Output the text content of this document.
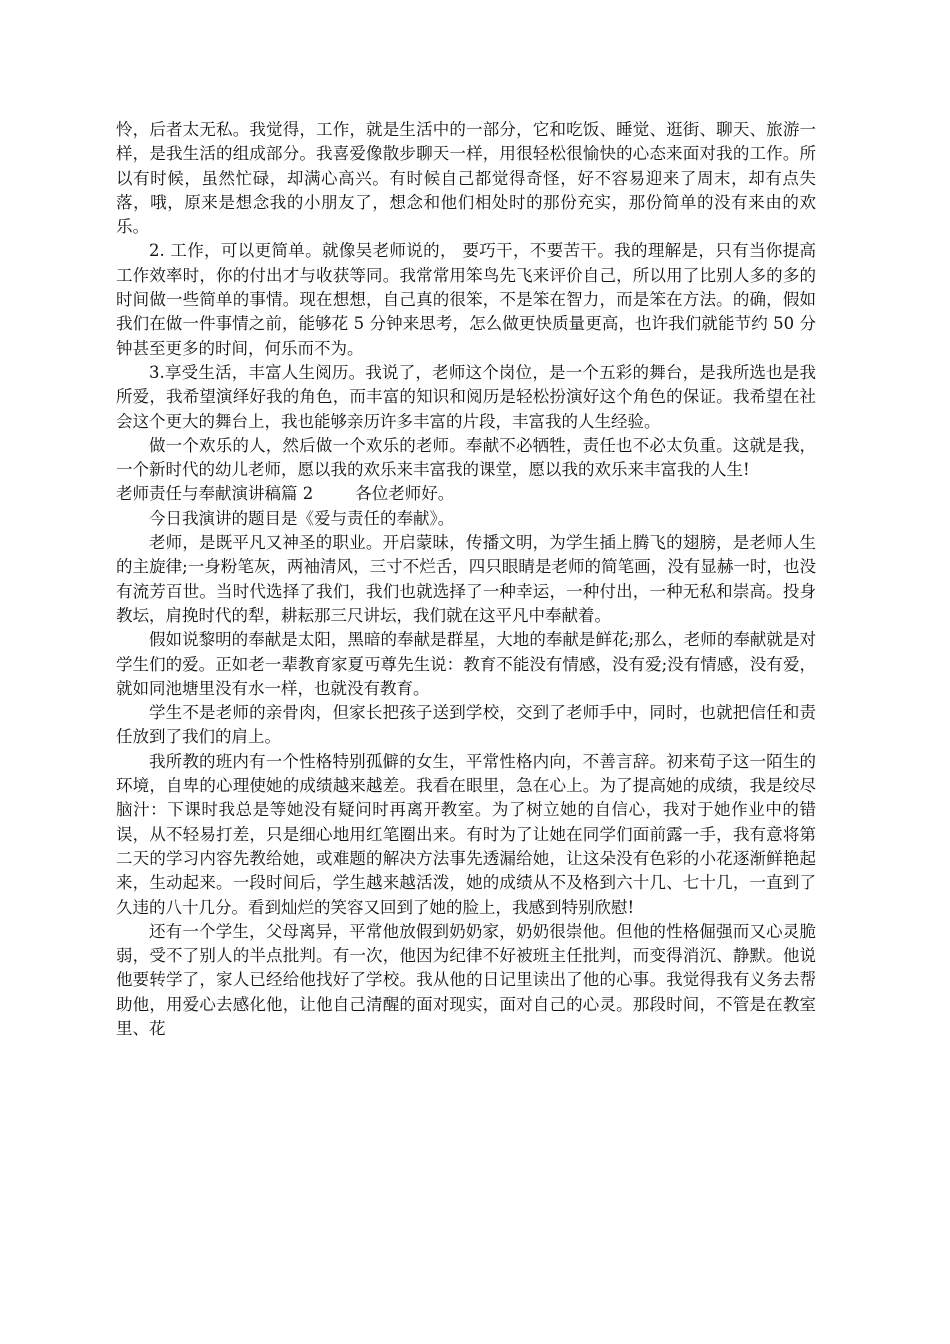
怜，后者太无私。我觉得，工作，就是生活中的一部分，它和吃饭、睡觉、逛街、聊天、旅游一样，是我生活的组成部分。我喜爱像散步聊天一样，用很轻松很愉快的心态来面对我的工作。所以有时候，虽然忙碌，却满心高兴。有时候自己都觉得奇怪，好不容易迎来了周末，却有点失落，哦，原来是想念我的小朋友了，想念和他们相处时的那份充实，那份简单的没有来由的欢乐。

2. 工作，可以更简单。就像吴老师说的， 要巧干，不要苦干。我的理解是，只有当你提高工作效率时，你的付出才与收获等同。我常常用笨鸟先飞来评价自己，所以用了比别人多的多的时间做一些简单的事情。现在想想，自己真的很笨，不是笨在智力，而是笨在方法。的确，假如我们在做一件事情之前，能够花 5 分钟来思考，怎么做更快质量更高，也许我们就能节约 50 分钟甚至更多的时间，何乐而不为。

3.享受生活，丰富人生阅历。我说了，老师这个岗位，是一个五彩的舞台，是我所选也是我所爱，我希望演绎好我的角色，而丰富的知识和阅历是轻松扮演好这个角色的保证。我希望在社会这个更大的舞台上，我也能够亲历许多丰富的片段，丰富我的人生经验。

做一个欢乐的人，然后做一个欢乐的老师。奉献不必牺牲，责任也不必太负重。这就是我，一个新时代的幼儿老师，愿以我的欢乐来丰富我的课堂，愿以我的欢乐来丰富我的人生!

老师责任与奉献演讲稿篇 2        各位老师好。

今日我演讲的题目是《爱与责任的奉献》。

老师，是既平凡又神圣的职业。开启蒙昧，传播文明，为学生插上腾飞的翅膀，是老师人生的主旋律;一身粉笔灰，两袖清风，三寸不烂舌，四只眼睛是老师的简笔画，没有显赫一时，也没有流芳百世。当时代选择了我们，我们也就选择了一种幸运，一种付出，一种无私和崇高。投身教坛，肩挽时代的犁，耕耘那三尺讲坛，我们就在这平凡中奉献着。

假如说黎明的奉献是太阳，黑暗的奉献是群星，大地的奉献是鲜花;那么，老师的奉献就是对学生们的爱。正如老一辈教育家夏丏尊先生说：教育不能没有情感，没有爱;没有情感，没有爱，就如同池塘里没有水一样，也就没有教育。

学生不是老师的亲骨肉，但家长把孩子送到学校，交到了老师手中，同时，也就把信任和责任放到了我们的肩上。

我所教的班内有一个性格特别孤僻的女生，平常性格内向，不善言辞。初来荀子这一陌生的环境，自卑的心理使她的成绩越来越差。我看在眼里，急在心上。为了提高她的成绩，我是绞尽脑汁：下课时我总是等她没有疑问时再离开教室。为了树立她的自信心，我对于她作业中的错误，从不轻易打差，只是细心地用红笔圈出来。有时为了让她在同学们面前露一手，我有意将第二天的学习内容先教给她，或难题的解决方法事先透漏给她，让这朵没有色彩的小花逐渐鲜艳起来，生动起来。一段时间后，学生越来越活泼，她的成绩从不及格到六十几、七十几，一直到了久违的八十几分。看到灿烂的笑容又回到了她的脸上，我感到特别欣慰!

还有一个学生，父母离异，平常他放假到奶奶家，奶奶很崇他。但他的性格倔强而又心灵脆弱，受不了别人的半点批判。有一次，他因为纪律不好被班主任批判，而变得消沉、静默。他说他要转学了，家人已经给他找好了学校。我从他的日记里读出了他的心事。我觉得我有义务去帮助他，用爱心去感化他，让他自己清醒的面对现实，面对自己的心灵。那段时间，不管是在教室里、花
